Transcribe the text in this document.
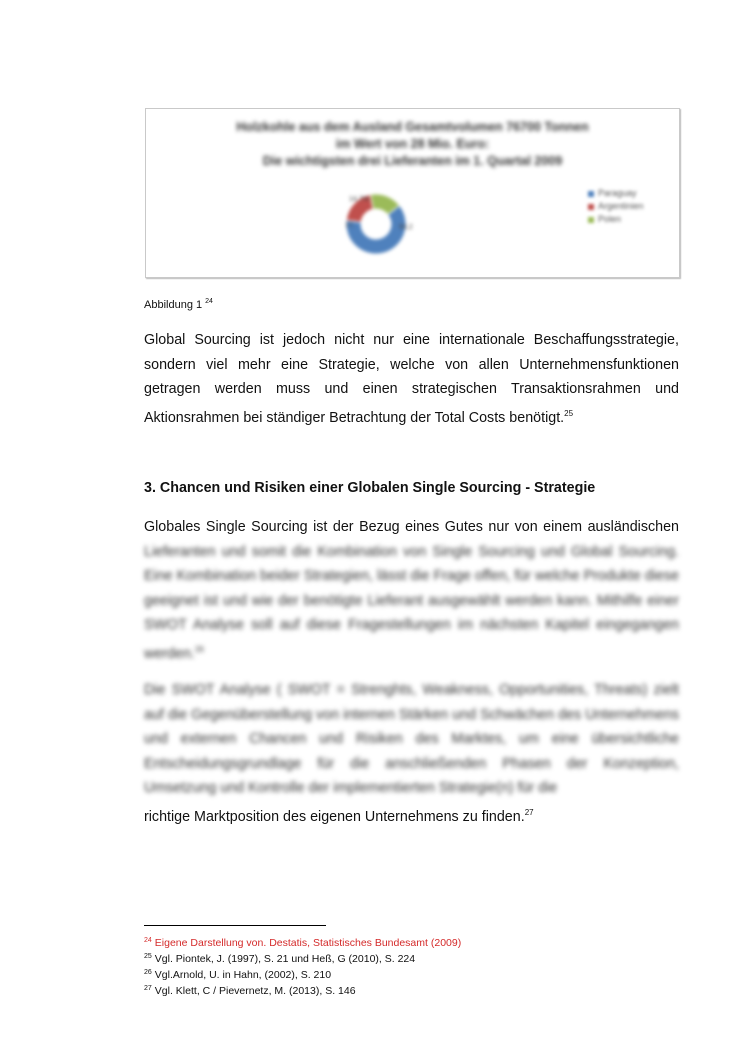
Holzkohle aus dem Ausland Gesamtvolumen 76700 Tonnen
im Wert von 28 Mio. Euro:
Die wichtigsten drei Lieferanten im 1. Quartal 2009
53,2
17,
14,7%
Paraguay
Argentinien
Polen
Abbildung 1 $^{24}$
Global Sourcing ist jedoch nicht nur eine internationale Beschaffungsstrategie, sondern viel mehr eine Strategie, welche von allen Unternehmensfunktionen getragen werden muss und einen strategischen Transaktionsrahmen und Aktionsrahmen bei ständiger Betrachtung der Total Costs benötigt.$^{25}$
3. Chancen und Risiken einer Globalen Single Sourcing - Strategie
Globales Single Sourcing ist der Bezug eines Gutes nur von einem ausländischen
Lieferanten und somit die Kombination von Single Sourcing und Global Sourcing. Eine Kombination beider Strategien, lässt die Frage offen, für welche Produkte diese geeignet ist und wie der benötigte Lieferant ausgewählt werden kann. Mithilfe einer SWOT Analyse soll auf diese Fragestellungen im nächsten Kapitel eingegangen werden.$^{26}$
Die SWOT Analyse ( SWOT = Strenghts, Weakness, Opportunities, Threats) zielt auf die Gegenüberstellung von internen Stärken und Schwächen des Unternehmens und externen Chancen und Risiken des Marktes, um eine übersichtliche Entscheidungsgrundlage für die anschließenden Phasen der Konzeption, Umsetzung und Kontrolle der implementierten Strategie(n) für die
richtige Marktposition des eigenen Unternehmens zu finden.$^{27}$
$^{24}$ Eigene Darstellung von. Destatis, Statistisches Bundesamt (2009)
$^{25}$ Vgl. Piontek, J. (1997), S. 21 und Heß, G (2010), S. 224
$^{26}$ Vgl.Arnold, U. in Hahn, (2002), S. 210
$^{27}$ Vgl. Klett, C / Pievernetz, M. (2013), S. 146
